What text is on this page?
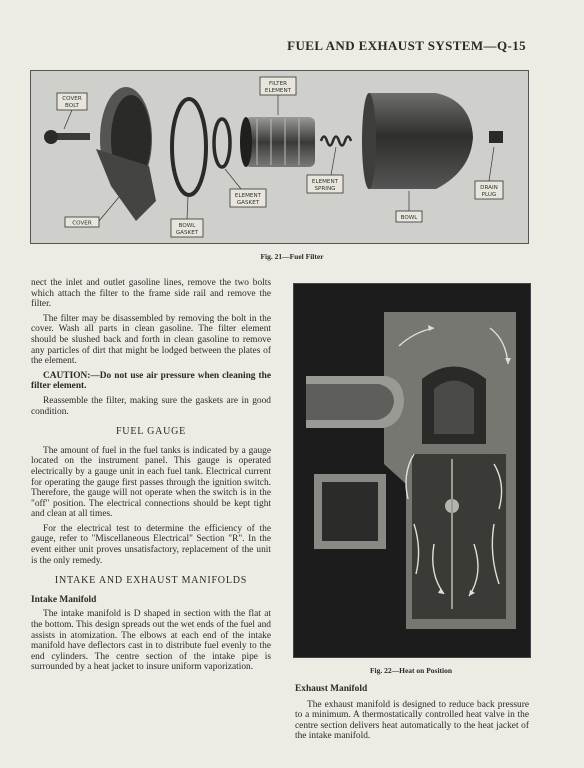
FUEL AND EXHAUST SYSTEM—Q-15
COVER
BOLT
FILTER
ELEMENT
ELEMENT
GASKET
ELEMENT
SPRING	DRAIN
PLUG
COVER	BOWL
GASKET
BOWL
Fig. 21—Fuel Filter

nect the inlet and outlet gasoline lines, remove the two bolts which attach the filter to the frame side rail and remove the filter.

The filter may be disassembled by removing the bolt in the cover. Wash all parts in clean gasoline. The filter element should be slushed back and forth in clean gasoline to remove any particles of dirt that might be lodged between the plates of the element.

CAUTION:—Do not use air pressure when cleaning the filter element.

Reassemble the filter, making sure the gaskets are in good condition.

FUEL GAUGE

The amount of fuel in the fuel tanks is indicated by a gauge located on the instrument panel. This gauge is operated electrically by a gauge unit in each fuel tank. Electrical current for operating the gauge first passes through the ignition switch. Therefore, the gauge will not operate when the switch is in the "off" position. The electrical connections should be kept tight and clean at all times.

For the electrical test to determine the efficiency of the gauge, refer to "Miscellaneous Electrical" Section "R". In the event either unit proves unsatisfactory, replacement of the unit is the only remedy.

INTAKE AND EXHAUST MANIFOLDS
Intake Manifold

The intake manifold is D shaped in section with the flat at the bottom. This design spreads out the wet ends of the fuel and assists in atomization. The elbows at each end of the intake manifold have deflectors cast in to distribute fuel evenly to the end cylinders. The centre section of the intake pipe is surrounded by a heat jacket to insure uniform vaporization.	Fig. 22—Heat on Position
Exhaust Manifold

The exhaust manifold is designed to reduce back pressure to a minimum. A thermostatically controlled heat valve in the centre section delivers heat automatically to the heat jacket of the intake manifold.
